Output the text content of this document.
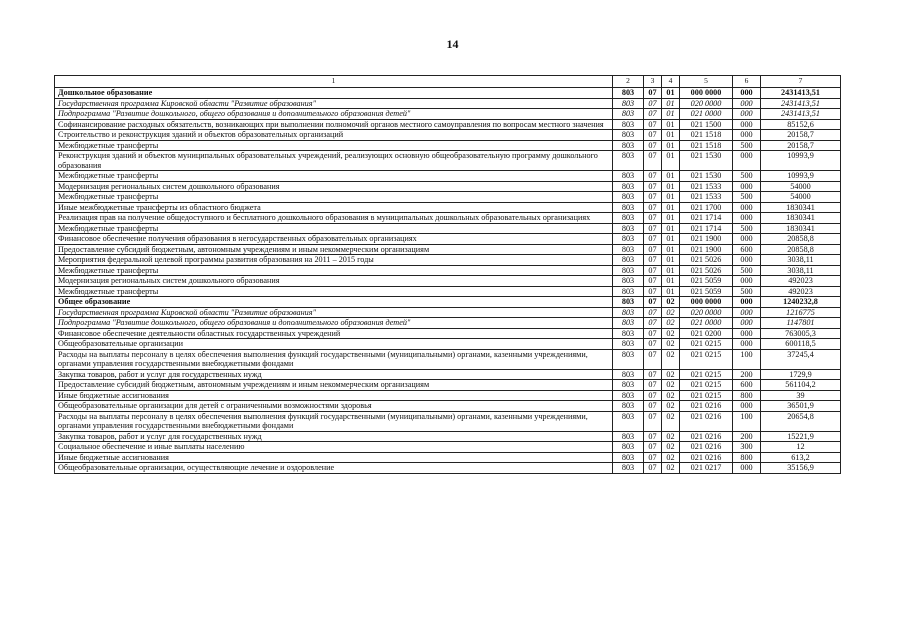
14
1	2	3	4	5	6	7
Дошкольное образование	803	07	01	000 0000	000	2431413,51
Государственная программа Кировской области "Развитие образования"	803	07	01	020 0000	000	2431413,51
Подпрограмма "Развитие дошкольного, общего образования и дополнительного образования детей"	803	07	01	021 0000	000	2431413,51
Софинансирование расходных обязательств, возникающих при выполнении полномочий органов местного самоуправления по вопросам местного значения	803	07	01	021 1500	000	85152,6
Строительство и реконструкция зданий и объектов образовательных организаций	803	07	01	021 1518	000	20158,7
Межбюджетные трансферты	803	07	01	021 1518	500	20158,7
Реконструкция зданий и объектов муниципальных образовательных учреждений, реализующих основную общеобразовательную программу дошкольного образования	803	07	01	021 1530	000	10993,9
Межбюджетные трансферты	803	07	01	021 1530	500	10993,9
Модернизация региональных систем дошкольного образования	803	07	01	021 1533	000	54000
Межбюджетные трансферты	803	07	01	021 1533	500	54000
Иные межбюджетные трансферты из областного бюджета	803	07	01	021 1700	000	1830341
Реализация прав на получение общедоступного и бесплатного дошкольного образования в муниципальных дошкольных образовательных организациях	803	07	01	021 1714	000	1830341
Межбюджетные трансферты	803	07	01	021 1714	500	1830341
Финансовое обеспечение получения образования в негосударственных образовательных организациях	803	07	01	021 1900	000	20858,8
Предоставление субсидий бюджетным, автономным учреждениям и иным некоммерческим организациям	803	07	01	021 1900	600	20858,8
Мероприятия федеральной целевой программы развития образования на 2011 – 2015 годы	803	07	01	021 5026	000	3038,11
Межбюджетные трансферты	803	07	01	021 5026	500	3038,11
Модернизация региональных систем дошкольного образования	803	07	01	021 5059	000	492023
Межбюджетные трансферты	803	07	01	021 5059	500	492023
Общее образование	803	07	02	000 0000	000	1240232,8
Государственная программа Кировской области "Развитие образования"	803	07	02	020 0000	000	1216775
Подпрограмма "Развитие дошкольного, общего образования и дополнительного образования детей"	803	07	02	021 0000	000	1147801
Финансовое обеспечение деятельности областных государственных учреждений	803	07	02	021 0200	000	763005,3
Общеобразовательные организации	803	07	02	021 0215	000	600118,5
Расходы на выплаты персоналу в целях обеспечения выполнения функций государственными (муниципальными) органами, казенными учреждениями, органами управления государственными внебюджетными фондами	803	07	02	021 0215	100	37245,4
Закупка товаров, работ и услуг для государственных нужд	803	07	02	021 0215	200	1729,9
Предоставление субсидий бюджетным, автономным учреждениям и иным некоммерческим организациям	803	07	02	021 0215	600	561104,2
Иные бюджетные ассигнования	803	07	02	021 0215	800	39
Общеобразовательные организации для детей с ограниченными возможностями здоровья	803	07	02	021 0216	000	36501,9
Расходы на выплаты персоналу в целях обеспечения выполнения функций государственными (муниципальными) органами, казенными учреждениями, органами управления государственными внебюджетными фондами	803	07	02	021 0216	100	20654,8
Закупка товаров, работ и услуг для государственных нужд	803	07	02	021 0216	200	15221,9
Социальное обеспечение и иные выплаты населению	803	07	02	021 0216	300	12
Иные бюджетные ассигнования	803	07	02	021 0216	800	613,2
Общеобразовательные организации, осуществляющие лечение и оздоровление	803	07	02	021 0217	000	35156,9
